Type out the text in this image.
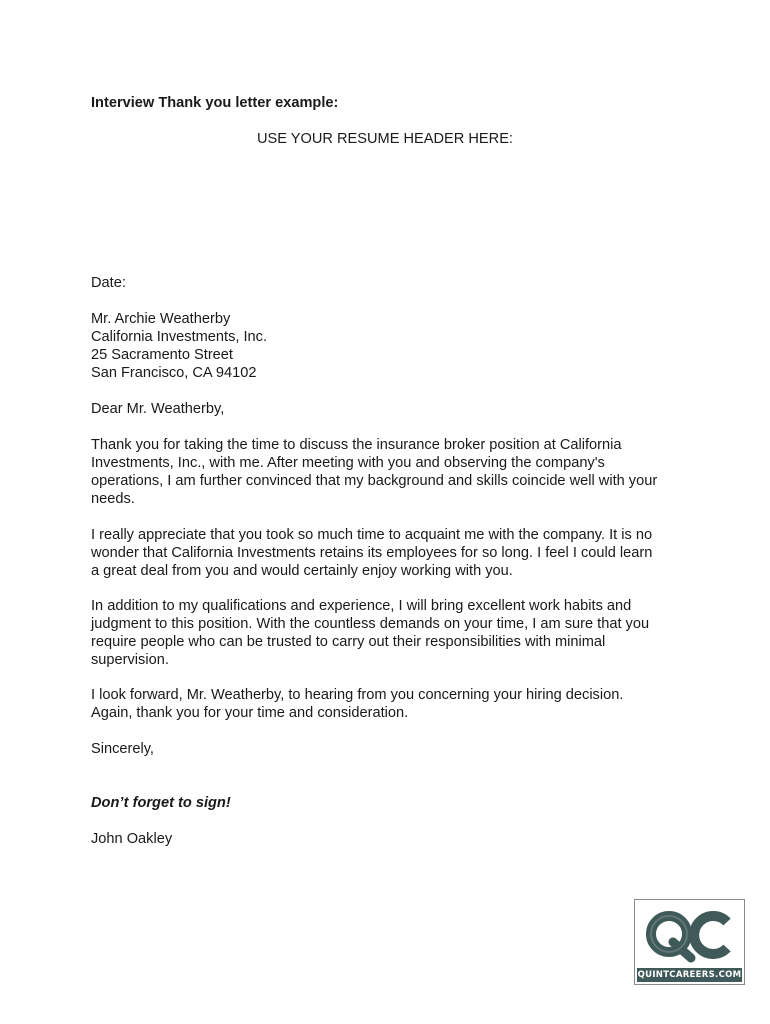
Interview Thank you letter example:
USE YOUR RESUME HEADER HERE:
Date:
Mr. Archie Weatherby
California Investments, Inc.
25 Sacramento Street
San Francisco, CA 94102
Dear Mr. Weatherby,
Thank you for taking the time to discuss the insurance broker position at California
Investments, Inc., with me. After meeting with you and observing the company's
operations, I am further convinced that my background and skills coincide well with your
needs.
I really appreciate that you took so much time to acquaint me with the company. It is no
wonder that California Investments retains its employees for so long. I feel I could learn
a great deal from you and would certainly enjoy working with you.
In addition to my qualifications and experience, I will bring excellent work habits and
judgment to this position. With the countless demands on your time, I am sure that you
require people who can be trusted to carry out their responsibilities with minimal
supervision.
I look forward, Mr. Weatherby, to hearing from you concerning your hiring decision.
Again, thank you for your time and consideration.
Sincerely,
Don’t forget to sign!
John Oakley
QUINTCAREERS.COM
